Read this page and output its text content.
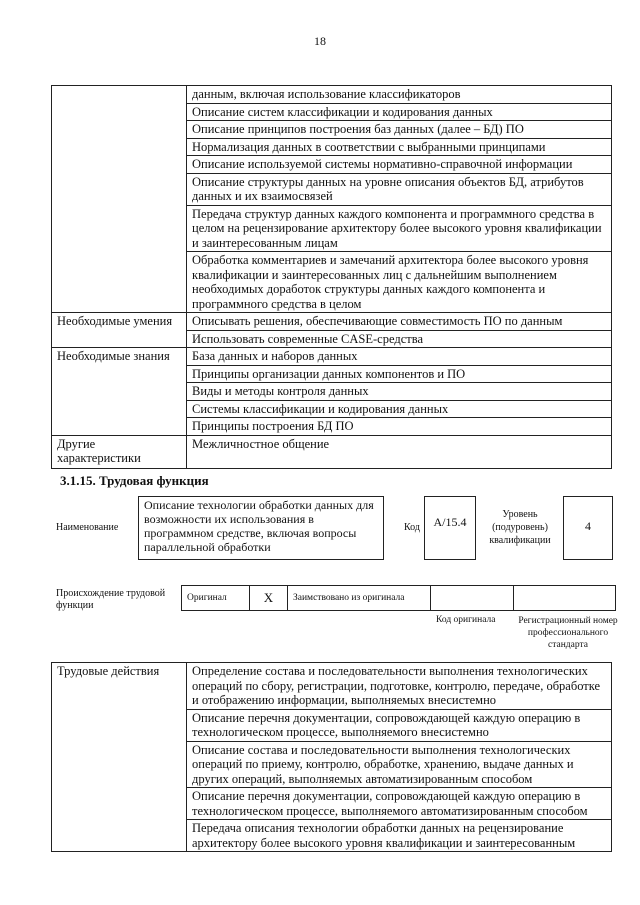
18
	данным, включая использование классификаторов
	Описание систем классификации и кодирования данных
	Описание принципов построения баз данных (далее – БД) ПО
	Нормализация данных в соответствии с выбранными принципами
	Описание используемой системы нормативно-справочной информации
	Описание структуры данных на уровне описания объектов БД, атрибутов данных и их взаимосвязей
	Передача структур данных каждого компонента и программного средства в целом на рецензирование архитектору более высокого уровня квалификации и заинтересованным лицам
	Обработка комментариев и замечаний архитектора более высокого уровня квалификации и заинтересованных лиц с дальнейшим выполнением необходимых доработок структуры данных каждого компонента и программного средства в целом
Необходимые умения	Описывать решения, обеспечивающие совместимость ПО по данным
	Использовать современные CASE-средства
Необходимые знания	База данных и наборов данных
	Принципы организации данных компонентов и ПО
	Виды и методы контроля данных
	Системы классификации и кодирования данных
	Принципы построения БД ПО
Другие характеристики	Межличностное общение
3.1.15. Трудовая функция
Наименование
Описание технологии обработки данных для возможности их использования в программном средстве, включая вопросы параллельной обработки
Код	A/15.4
Уровень (подуровень) квалификации
4
Происхождение трудовой функции
Оригинал	X	Заимствовано из оригинала
Код оригинала Регистрационный номер профессионального стандарта
Трудовые действия	Определение состава и последовательности выполнения технологических операций по сбору, регистрации, подготовке, контролю, передаче, обработке и отображению информации, выполняемых внесистемно
Описание перечня документации, сопровождающей каждую операцию в технологическом процессе, выполняемого внесистемно
Описание состава и последовательности выполнения технологических операций по приему, контролю, обработке, хранению, выдаче данных и других операций, выполняемых автоматизированным способом
Описание перечня документации, сопровождающей каждую операцию в технологическом процессе, выполняемого автоматизированным способом
Передача описания технологии обработки данных на рецензирование архитектору более высокого уровня квалификации и заинтересованным
